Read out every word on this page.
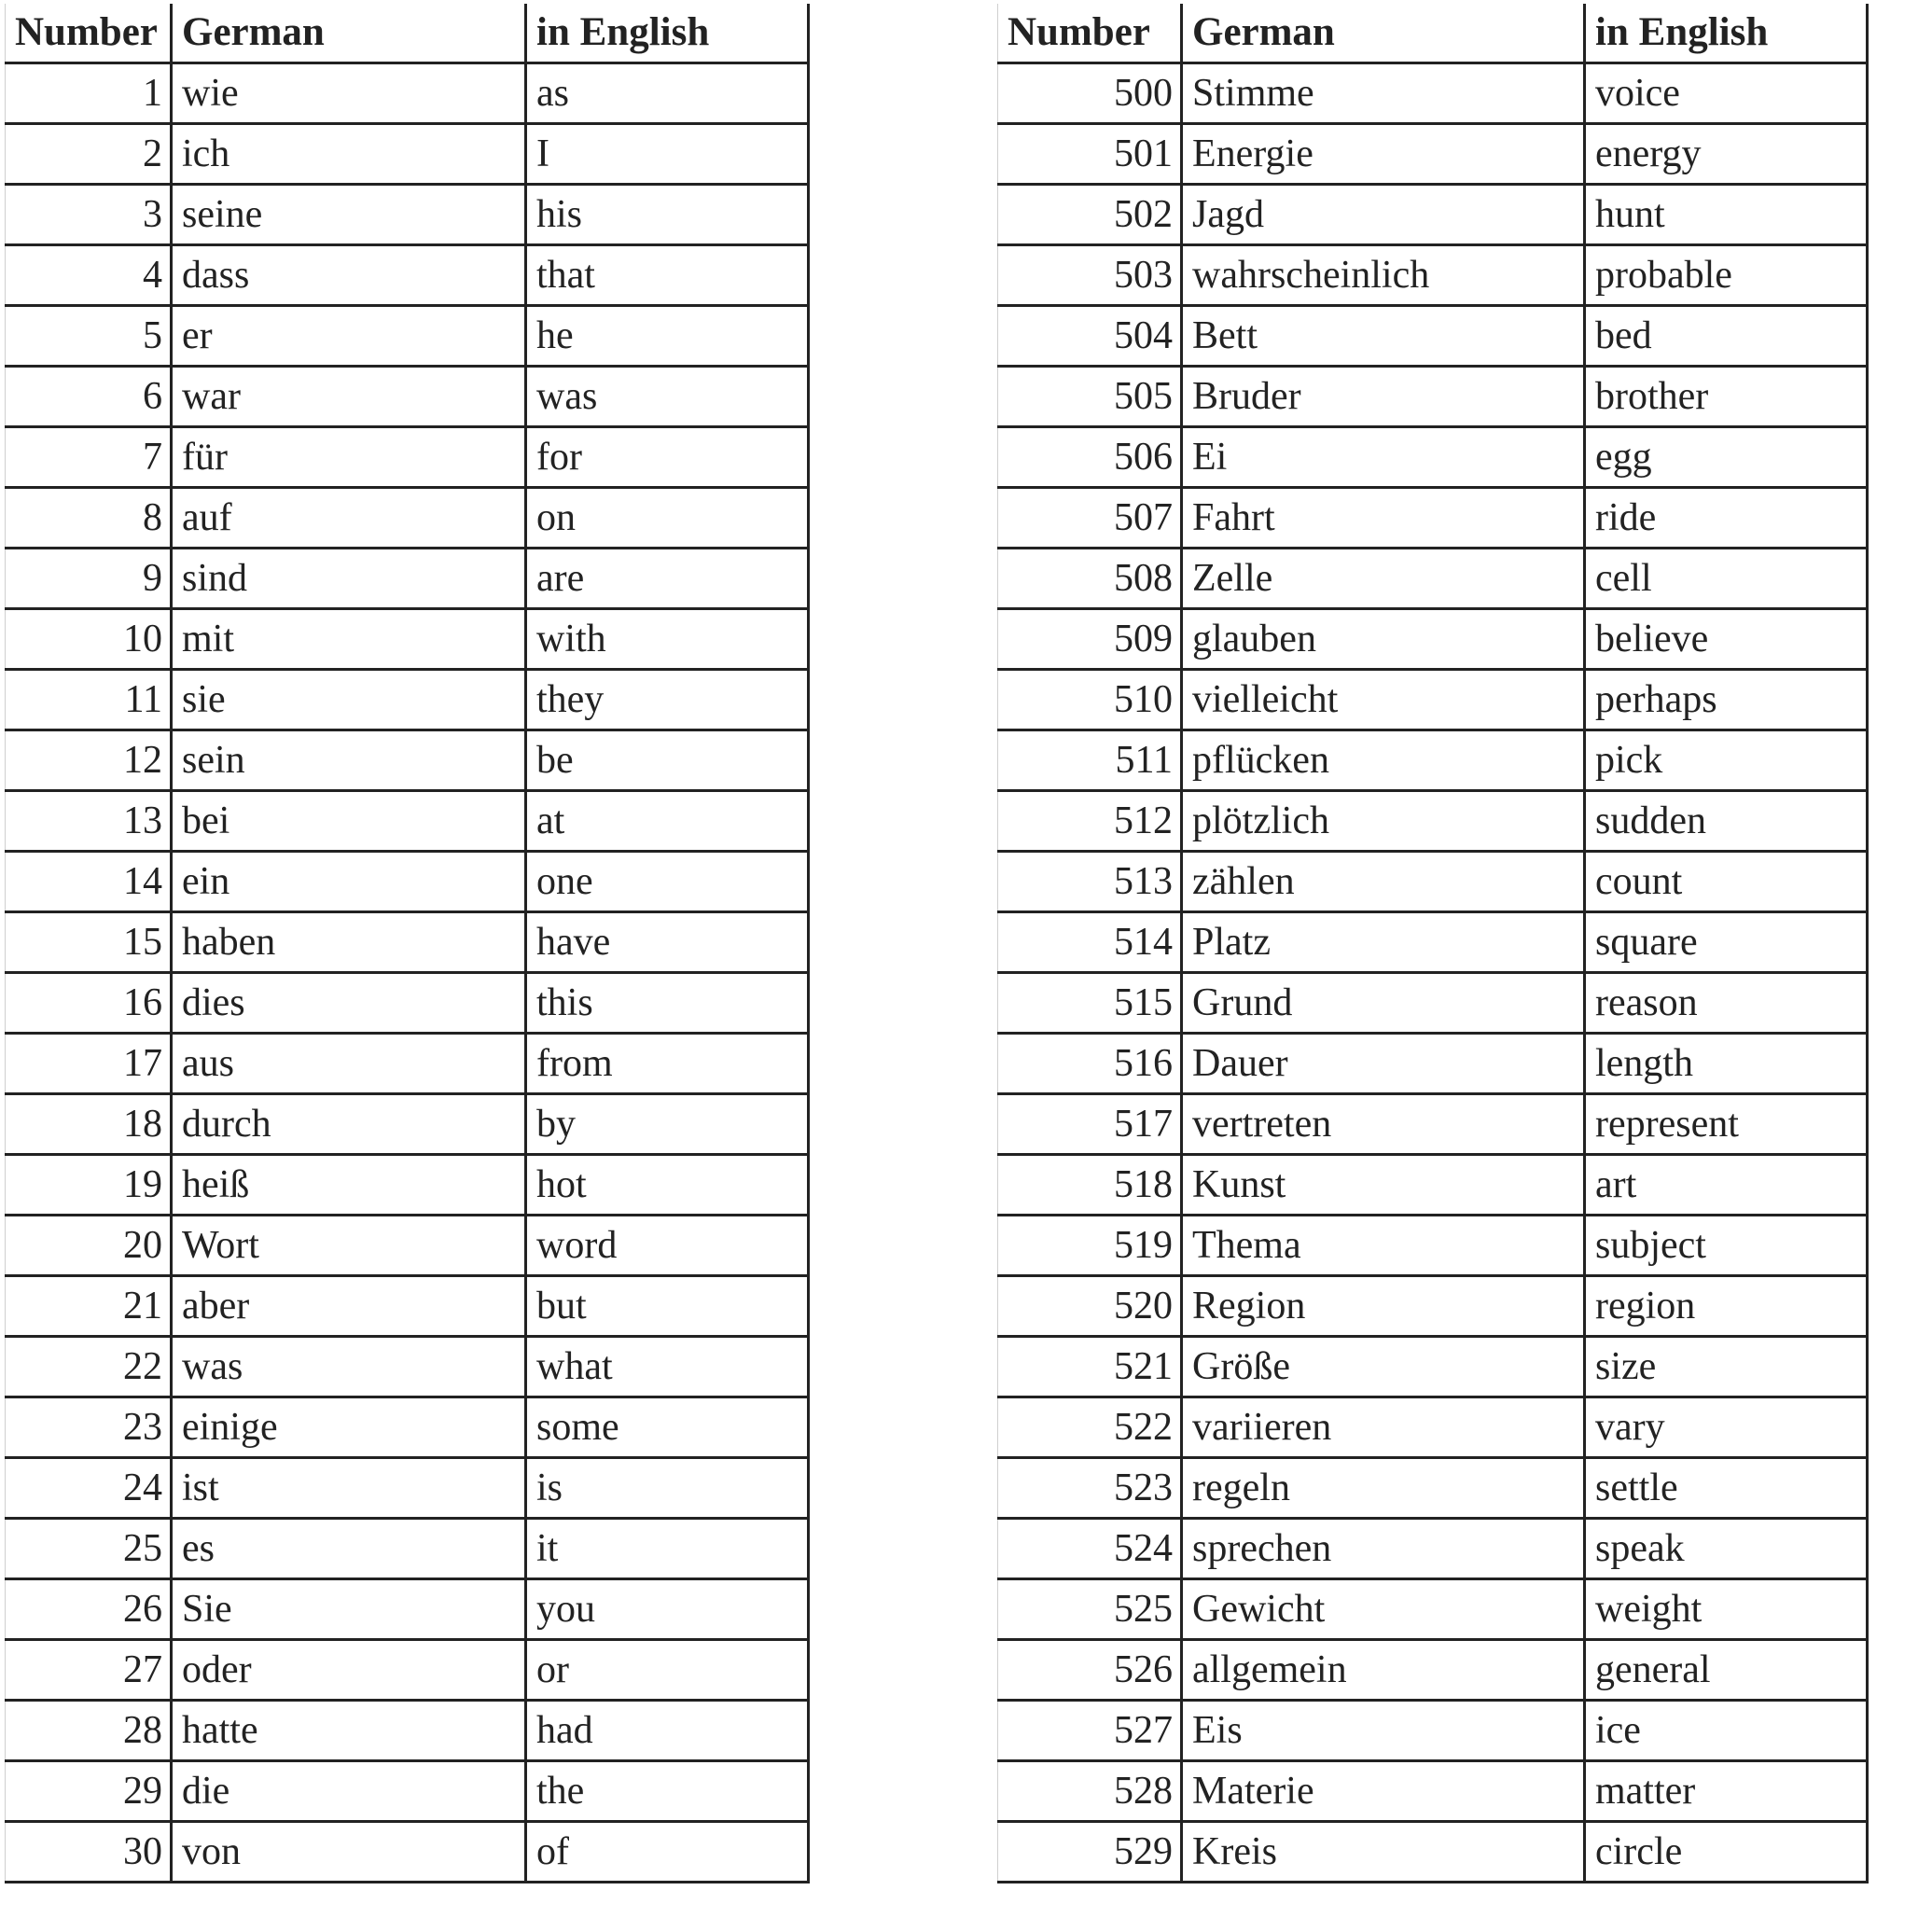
Number	German	in English
1	wie	as
2	ich	I
3	seine	his
4	dass	that
5	er	he
6	war	was
7	für	for
8	auf	on
9	sind	are
10	mit	with
11	sie	they
12	sein	be
13	bei	at
14	ein	one
15	haben	have
16	dies	this
17	aus	from
18	durch	by
19	heiß	hot
20	Wort	word
21	aber	but
22	was	what
23	einige	some
24	ist	is
25	es	it
26	Sie	you
27	oder	or
28	hatte	had
29	die	the
30	von	of
Number	German	in English
500	Stimme	voice
501	Energie	energy
502	Jagd	hunt
503	wahrscheinlich	probable
504	Bett	bed
505	Bruder	brother
506	Ei	egg
507	Fahrt	ride
508	Zelle	cell
509	glauben	believe
510	vielleicht	perhaps
511	pflücken	pick
512	plötzlich	sudden
513	zählen	count
514	Platz	square
515	Grund	reason
516	Dauer	length
517	vertreten	represent
518	Kunst	art
519	Thema	subject
520	Region	region
521	Größe	size
522	variieren	vary
523	regeln	settle
524	sprechen	speak
525	Gewicht	weight
526	allgemein	general
527	Eis	ice
528	Materie	matter
529	Kreis	circle
